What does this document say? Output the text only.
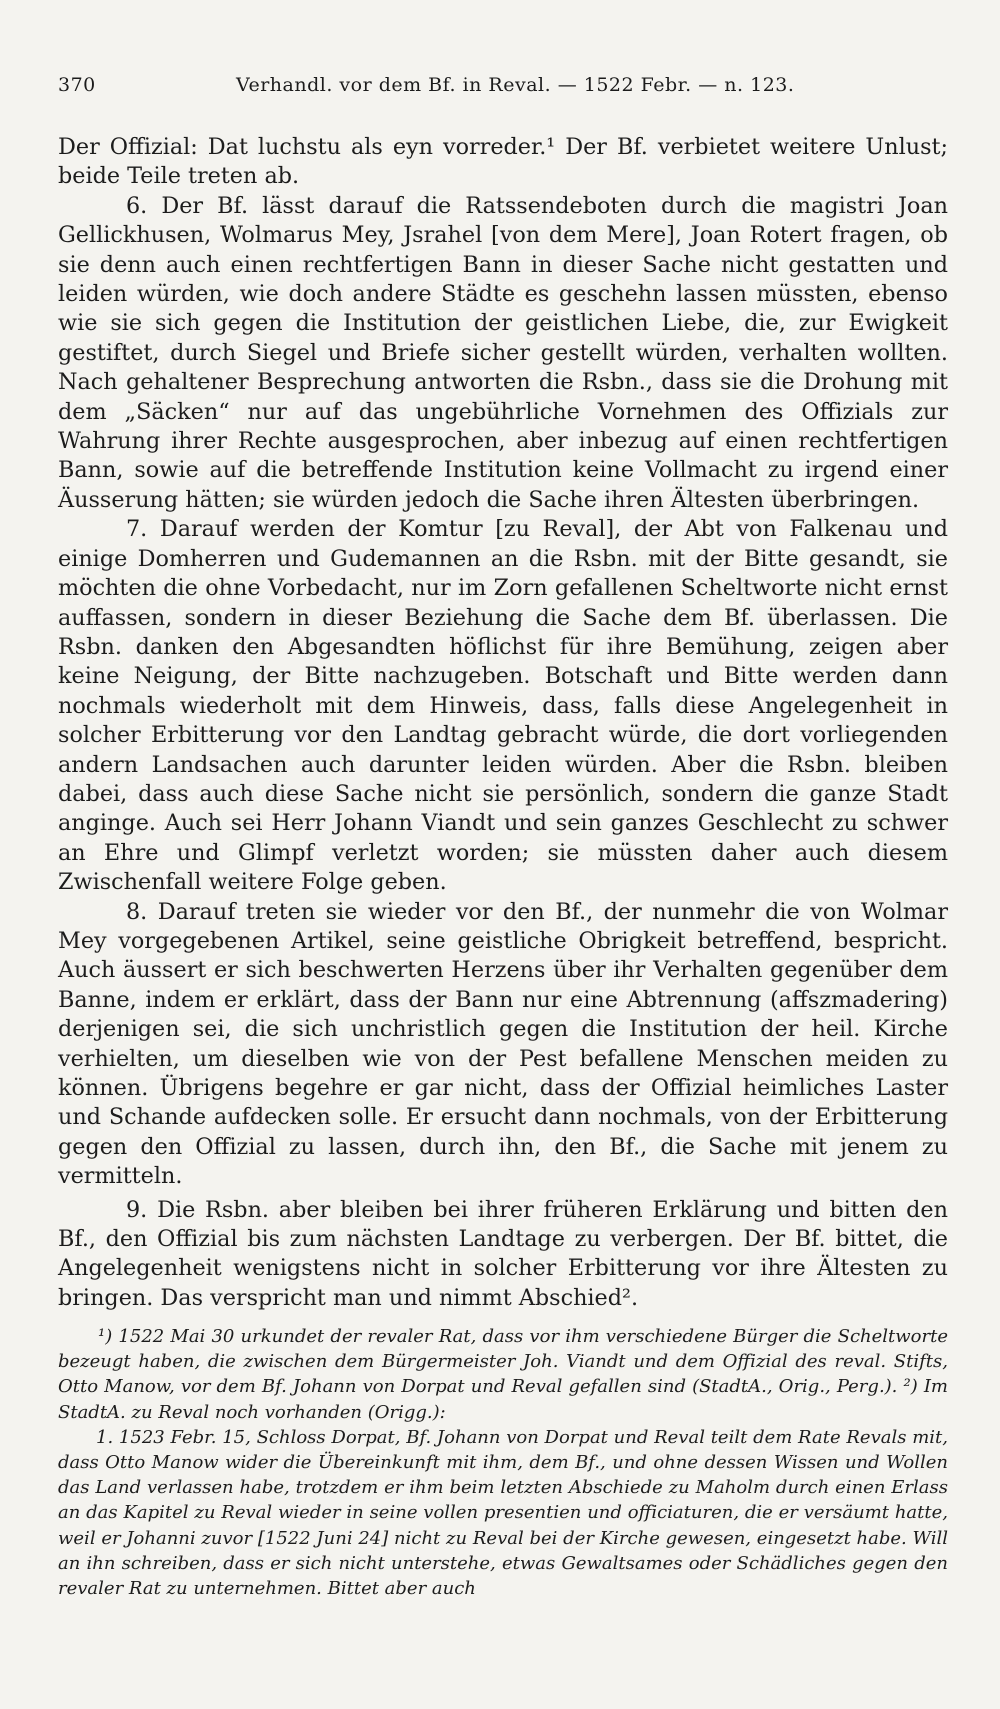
370	Verhandl. vor dem Bf. in Reval. — 1522 Febr. — n. 123.

Der Offizial: Dat luchstu als eyn vorreder.¹ Der Bf. verbietet weitere Unlust; beide Teile treten ab.

6. Der Bf. lässt darauf die Ratssendeboten durch die magistri Joan Gellickhusen, Wolmarus Mey, Jsrahel [von dem Mere], Joan Rotert fragen, ob sie denn auch einen rechtfertigen Bann in dieser Sache nicht gestatten und leiden würden, wie doch andere Städte es geschehn lassen müssten, ebenso wie sie sich gegen die Institution der geistlichen Liebe, die, zur Ewigkeit gestiftet, durch Siegel und Briefe sicher gestellt würden, verhalten wollten. Nach gehaltener Besprechung antworten die Rsbn., dass sie die Drohung mit dem „Säcken“ nur auf das ungebührliche Vornehmen des Offizials zur Wahrung ihrer Rechte ausgesprochen, aber inbezug auf einen rechtfertigen Bann, sowie auf die betreffende Institution keine Vollmacht zu irgend einer Äusserung hätten; sie würden jedoch die Sache ihren Ältesten überbringen.

7. Darauf werden der Komtur [zu Reval], der Abt von Falkenau und einige Domherren und Gudemannen an die Rsbn. mit der Bitte gesandt, sie möchten die ohne Vorbedacht, nur im Zorn gefallenen Scheltworte nicht ernst auffassen, sondern in dieser Beziehung die Sache dem Bf. überlassen. Die Rsbn. danken den Abgesandten höflichst für ihre Bemühung, zeigen aber keine Neigung, der Bitte nachzugeben. Botschaft und Bitte werden dann nochmals wiederholt mit dem Hinweis, dass, falls diese Angelegenheit in solcher Erbitterung vor den Landtag gebracht würde, die dort vorliegenden andern Landsachen auch darunter leiden würden. Aber die Rsbn. bleiben dabei, dass auch diese Sache nicht sie persönlich, sondern die ganze Stadt anginge. Auch sei Herr Johann Viandt und sein ganzes Geschlecht zu schwer an Ehre und Glimpf verletzt worden; sie müssten daher auch diesem Zwischenfall weitere Folge geben.

8. Darauf treten sie wieder vor den Bf., der nunmehr die von Wolmar Mey vorgegebenen Artikel, seine geistliche Obrigkeit betreffend, bespricht. Auch äussert er sich beschwerten Herzens über ihr Verhalten gegenüber dem Banne, indem er erklärt, dass der Bann nur eine Abtrennung (affszmadering) derjenigen sei, die sich unchristlich gegen die Institution der heil. Kirche verhielten, um dieselben wie von der Pest befallene Menschen meiden zu können. Übrigens begehre er gar nicht, dass der Offizial heimliches Laster und Schande aufdecken solle. Er ersucht dann nochmals, von der Erbitterung gegen den Offizial zu lassen, durch ihn, den Bf., die Sache mit jenem zu vermitteln.

9. Die Rsbn. aber bleiben bei ihrer früheren Erklärung und bitten den Bf., den Offizial bis zum nächsten Landtage zu verbergen. Der Bf. bittet, die Angelegenheit wenigstens nicht in solcher Erbitterung vor ihre Ältesten zu bringen. Das verspricht man und nimmt Abschied².

¹) 1522 Mai 30 urkundet der revaler Rat, dass vor ihm verschiedene Bürger die Scheltworte bezeugt haben, die zwischen dem Bürgermeister Joh. Viandt und dem Offizial des reval. Stifts, Otto Manow, vor dem Bf. Johann von Dorpat und Reval gefallen sind (StadtA., Orig., Perg.). ²) Im StadtA. zu Reval noch vorhanden (Origg.):

1. 1523 Febr. 15, Schloss Dorpat, Bf. Johann von Dorpat und Reval teilt dem Rate Revals mit, dass Otto Manow wider die Übereinkunft mit ihm, dem Bf., und ohne dessen Wissen und Wollen das Land verlassen habe, trotzdem er ihm beim letzten Abschiede zu Maholm durch einen Erlass an das Kapitel zu Reval wieder in seine vollen presentien und officiaturen, die er versäumt hatte, weil er Johanni zuvor [1522 Juni 24] nicht zu Reval bei der Kirche gewesen, eingesetzt habe. Will an ihn schreiben, dass er sich nicht unterstehe, etwas Gewaltsames oder Schädliches gegen den revaler Rat zu unternehmen. Bittet aber auch
